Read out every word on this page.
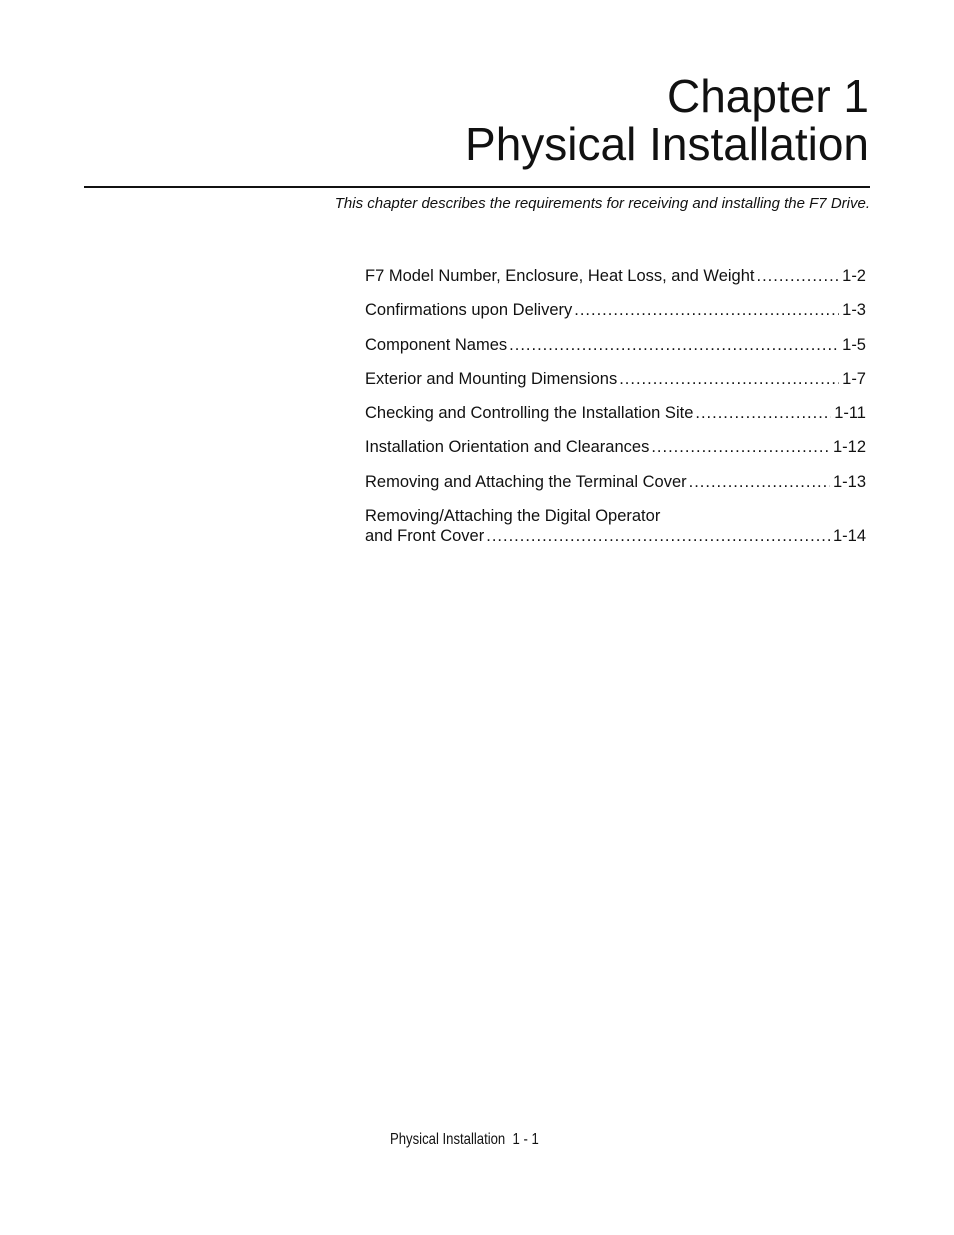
Chapter 1
Physical Installation
This chapter describes the requirements for receiving and installing the F7 Drive.
F7 Model Number, Enclosure, Heat Loss, and Weight .....	1-2
Confirmations upon Delivery .....	1-3
Component Names .....	1-5
Exterior and Mounting Dimensions .....	1-7
Checking and Controlling the Installation Site .....	1-11
Installation Orientation and Clearances .....	1-12
Removing and Attaching the Terminal Cover .....	1-13
Removing/Attaching the Digital Operator
and Front Cover .....	1-14
Physical Installation 1 - 1
